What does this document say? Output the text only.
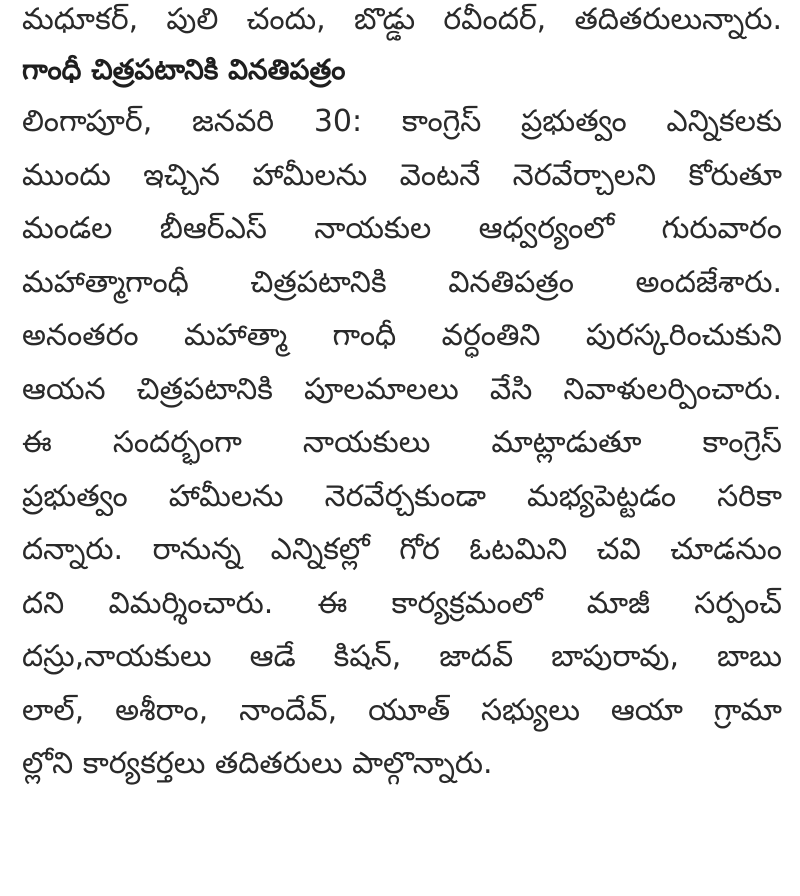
మధూకర్, పులి చందు, బొడ్డు రవీందర్, తదితరులున్నారు.
గాంధీ చిత్రపటానికి వినతిపత్రం
లింగాపూర్, జనవరి 30: కాంగ్రెస్ ప్రభుత్వం ఎన్నికలకు
ముందు ఇచ్చిన హామీలను వెంటనే నెరవేర్చాలని కోరుతూ
మండల బీఆర్ఎస్ నాయకుల ఆధ్వర్యంలో గురువారం
మహాత్మాగాంధీ చిత్రపటానికి వినతిపత్రం అందజేశారు.
అనంతరం మహాత్మా గాంధీ వర్ధంతిని పురస్కరించుకుని
ఆయన చిత్రపటానికి పూలమాలలు వేసి నివాళులర్పించారు.
ఈ సందర్భంగా నాయకులు మాట్లాడుతూ కాంగ్రెస్
ప్రభుత్వం హామీలను నెరవేర్చకుండా మభ్యపెట్టడం సరికా
దన్నారు. రానున్న ఎన్నికల్లో గోర ఓటమిని చవి చూడనుం
దని విమర్శించారు. ఈ కార్యక్రమంలో మాజీ సర్పంచ్
దస్రు,నాయకులు ఆడే కిషన్, జాదవ్ బాపురావు, బాబు
లాల్, అశీరాం, నాందేవ్, యూత్ సభ్యులు ఆయా గ్రామా
ల్లోని కార్యకర్తలు తదితరులు పాల్గొన్నారు.
